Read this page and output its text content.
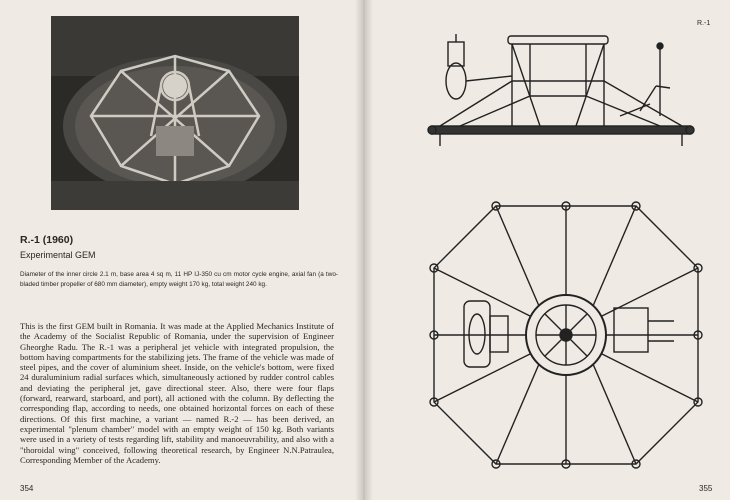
R.-1 (1960)
Experimental GEM
Diameter of the inner circle 2.1 m, base area 4 sq m, 11 HP IJ-350 cu cm motor cycle engine, axial fan (a two-bladed timber propeller of 680 mm diameter), empty weight 170 kg, total weight 240 kg.

This is the first GEM built in Romania. It was made at the Applied Mechanics Institute of the Academy of the Socialist Republic of Romania, under the supervision of Engineer Gheorghe Radu. The R.-1 was a peripheral jet vehicle with integrated propulsion, the bottom having compartments for the stabilizing jets. The frame of the vehicle was made of steel pipes, and the cover of aluminium sheet. Inside, on the vehicle's bottom, were fixed 24 duraluminium radial surfaces which, simultaneously actioned by rudder control cables and deviating the peripheral jet, gave directional steer. Also, there were four flaps (forward, rearward, starboard, and port), all actioned with the column. By deflecting the corresponding flap, according to needs, one obtained horizontal forces on each of these directions. Of this first machine, a variant — named R.-2 — has been derived, an experimental "plenum chamber" model with an empty weight of 150 kg. Both variants were used in a variety of tests regarding lift, stability and manoeuvrability, and also with a "thoroidal wing" conceived, following theoretical research, by Engineer N.N.Patraulea, Corresponding Member of the Academy.

354
R.-1
355
